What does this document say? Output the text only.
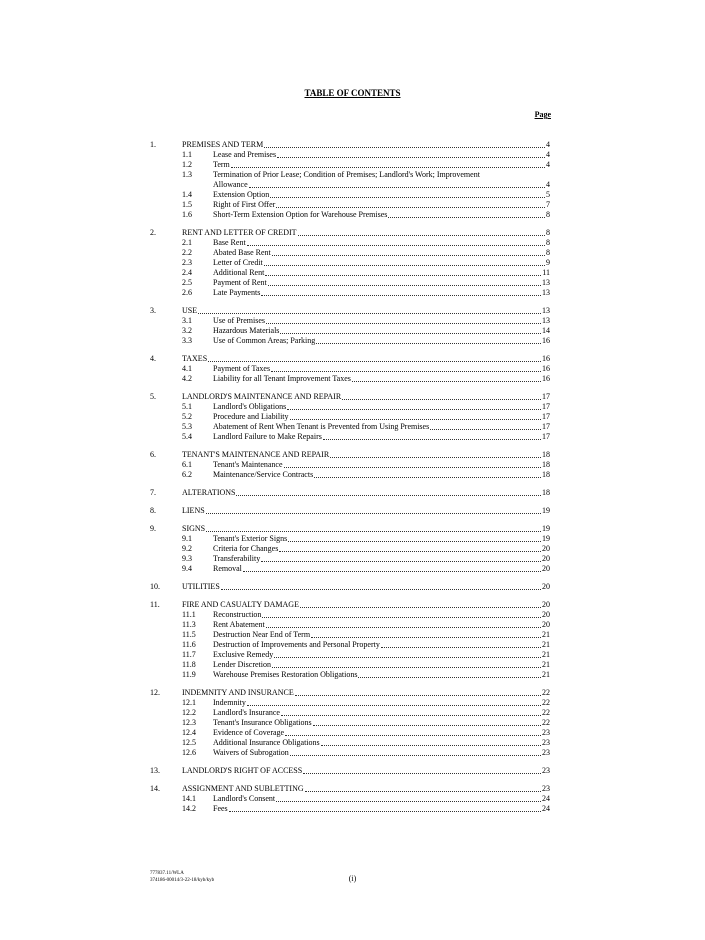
TABLE OF CONTENTS
Page
1.	PREMISES AND TERM	4
1.1	Lease and Premises	4
1.2	Term	4
1.3	Termination of Prior Lease; Condition of Premises; Landlord's Work; Improvement
Allowance	4
1.4	Extension Option	5
1.5	Right of First Offer	7
1.6	Short-Term Extension Option for Warehouse Premises	8
2.	RENT AND LETTER OF CREDIT	8
2.1	Base Rent	8
2.2	Abated Base Rent	8
2.3	Letter of Credit	9
2.4	Additional Rent	11
2.5	Payment of Rent	13
2.6	Late Payments	13
3.	USE	13
3.1	Use of Premises	13
3.2	Hazardous Materials	14
3.3	Use of Common Areas; Parking	16
4.	TAXES	16
4.1	Payment of Taxes	16
4.2	Liability for all Tenant Improvement Taxes	16
5.	LANDLORD'S MAINTENANCE AND REPAIR	17
5.1	Landlord's Obligations	17
5.2	Procedure and Liability	17
5.3	Abatement of Rent When Tenant is Prevented from Using Premises	17
5.4	Landlord Failure to Make Repairs	17
6.	TENANT'S MAINTENANCE AND REPAIR	18
6.1	Tenant's Maintenance	18
6.2	Maintenance/Service Contracts	18
7.	ALTERATIONS	18
8.	LIENS	19
9.	SIGNS	19
9.1	Tenant's Exterior Signs	19
9.2	Criteria for Changes	20
9.3	Transferability	20
9.4	Removal	20
10.	UTILITIES	20
11.	FIRE AND CASUALTY DAMAGE	20
11.1	Reconstruction	20
11.3	Rent Abatement	20
11.5	Destruction Near End of Term	21
11.6	Destruction of Improvements and Personal Property	21
11.7	Exclusive Remedy	21
11.8	Lender Discretion	21
11.9	Warehouse Premises Restoration Obligations	21
12.	INDEMNITY AND INSURANCE	22
12.1	Indemnity	22
12.2	Landlord's Insurance	22
12.3	Tenant's Insurance Obligations	22
12.4	Evidence of Coverage	23
12.5	Additional Insurance Obligations	23
12.6	Waivers of Subrogation	23
13.	LANDLORD'S RIGHT OF ACCESS	23
14.	ASSIGNMENT AND SUBLETTING	23
14.1	Landlord's Consent	24
14.2	Fees	24
777837.11/WLA
374186-00014/3-22-18/kyb/kyb	(i)
